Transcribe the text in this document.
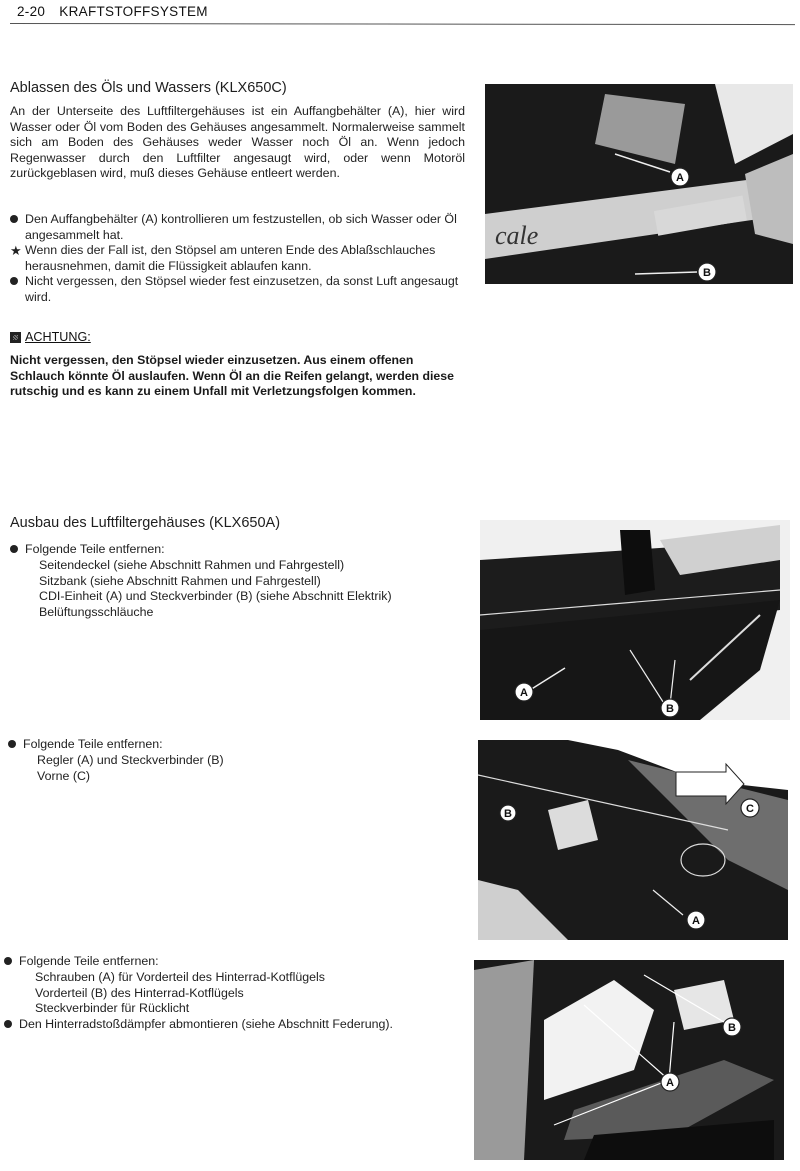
2-20 KRAFTSTOFFSYSTEM
Ablassen des Öls und Wassers (KLX650C)
An der Unterseite des Luftfiltergehäuses ist ein Auffangbehälter (A), hier wird Wasser oder Öl vom Boden des Gehäuses angesammelt. Normalerweise sammelt sich am Boden des Gehäuses weder Wasser noch Öl an. Wenn jedoch Regenwasser durch den Luftfilter angesaugt wird, oder wenn Motoröl zurückgeblasen wird, muß dieses Gehäuse entleert werden.
Den Auffangbehälter (A) kontrollieren um festzustellen, ob sich Wasser oder Öl angesammelt hat.
★ Wenn dies der Fall ist, den Stöpsel am unteren Ende des Ablaßschlauches herausnehmen, damit die Flüssigkeit ablaufen kann.
Nicht vergessen, den Stöpsel wieder fest einzusetzen, da sonst Luft angesaugt wird.
ACHTUNG:
Nicht vergessen, den Stöpsel wieder einzusetzen. Aus einem offenen Schlauch könnte Öl auslaufen. Wenn Öl an die Reifen gelangt, werden diese rutschig und es kann zu einem Unfall mit Verletzungsfolgen kommen.
cale
A
B
Ausbau des Luftfiltergehäuses (KLX650A)
Folgende Teile entfernen:
Seitendeckel (siehe Abschnitt Rahmen und Fahrgestell)
Sitzbank (siehe Abschnitt Rahmen und Fahrgestell)
CDI-Einheit (A) und Steckverbinder (B) (siehe Abschnitt Elektrik)
Belüftungsschläuche
Folgende Teile entfernen:
Regler (A) und Steckverbinder (B)
Vorne (C)
Folgende Teile entfernen:
Schrauben (A) für Vorderteil des Hinterrad-Kotflügels
Vorderteil (B) des Hinterrad-Kotflügels
Steckverbinder für Rücklicht
Den Hinterradstoßdämpfer abmontieren (siehe Abschnitt Federung).
A
B
B	C
A
A
B
